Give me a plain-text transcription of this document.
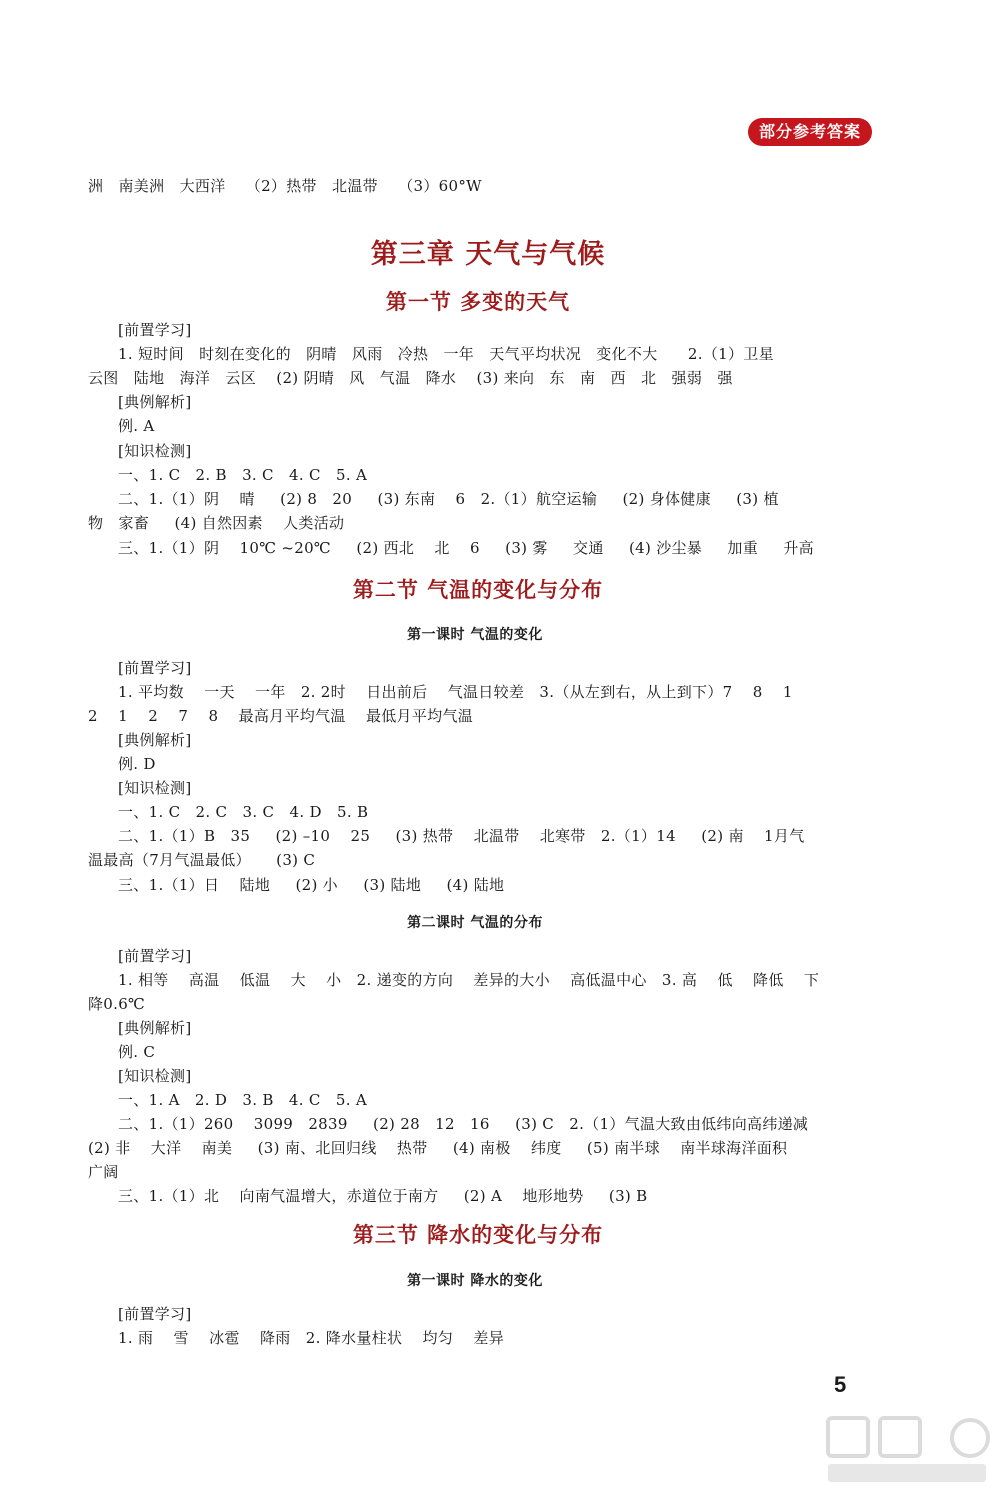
部分参考答案
洲   南美洲   大西洋    （2）热带   北温带    （3）60°W
第三章 天气与气候
第一节 多变的天气
[前置学习]
1. 短时间   时刻在变化的   阴晴   风雨   冷热   一年   天气平均状况   变化不大      2.（1）卫星
云图   陆地   海洋   云区    (2) 阴晴   风   气温   降水    (3) 来向   东   南   西   北   强弱   强
[典例解析]
例. A
[知识检测]
一、1. C   2. B   3. C   4. C   5. A
二、1.（1）阴    晴     (2) 8   20     (3) 东南    6   2.（1）航空运输     (2) 身体健康     (3) 植
物   家畜     (4) 自然因素    人类活动
三、1.（1）阴    10℃ ~20℃     (2) 西北    北    6     (3) 雾     交通     (4) 沙尘暴     加重     升高
第二节 气温的变化与分布
第一课时 气温的变化
[前置学习]
1. 平均数    一天    一年   2. 2时    日出前后    气温日较差   3.（从左到右，从上到下）7    8    1
2    1    2    7    8    最高月平均气温    最低月平均气温
[典例解析]
例. D
[知识检测]
一、1. C   2. C   3. C   4. D   5. B
二、1.（1）B   35     (2) –10    25     (3) 热带    北温带    北寒带   2.（1）14     (2) 南    1月气
温最高（7月气温最低）     (3) C
三、1.（1）日    陆地     (2) 小     (3) 陆地     (4) 陆地
第二课时 气温的分布
[前置学习]
1. 相等    高温    低温    大    小   2. 递变的方向    差异的大小    高低温中心   3. 高    低    降低    下
降0.6℃
[典例解析]
例. C
[知识检测]
一、1. A   2. D   3. B   4. C   5. A
二、1.（1）260    3099   2839     (2) 28   12   16     (3) C   2.（1）气温大致由低纬向高纬递减
(2) 非    大洋    南美     (3) 南、北回归线    热带     (4) 南极    纬度     (5) 南半球    南半球海洋面积
广阔
三、1.（1）北    向南气温增大，赤道位于南方     (2) A    地形地势     (3) B
第三节 降水的变化与分布
第一课时 降水的变化
[前置学习]
1. 雨    雪    冰雹    降雨   2. 降水量柱状    均匀    差异
5
